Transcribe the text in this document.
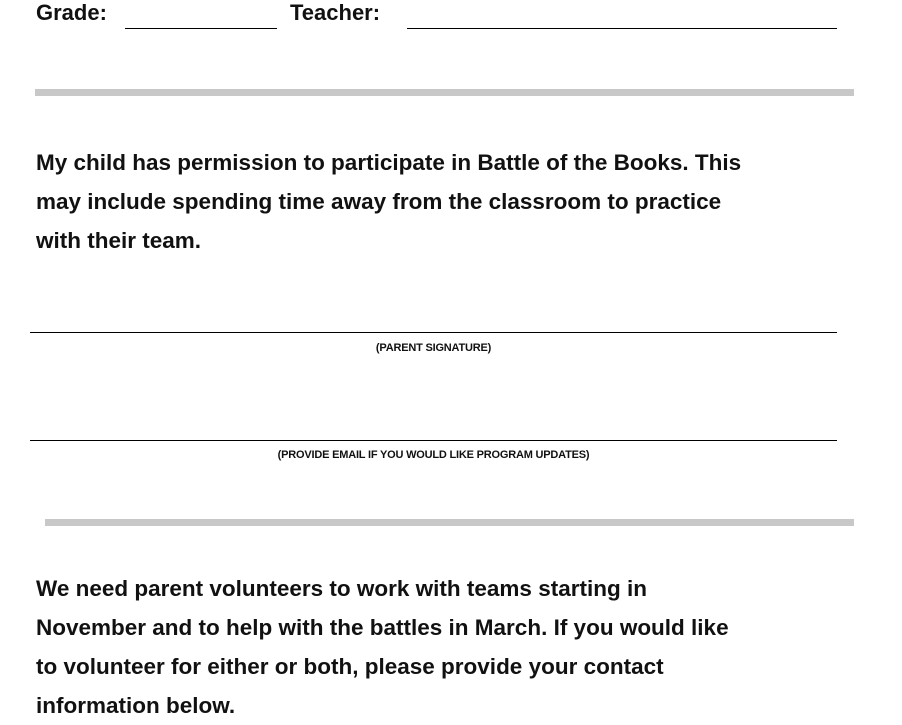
Grade:	Teacher:
My child has permission to participate in Battle of the Books. This
may include spending time away from the classroom to practice
with their team.
(PARENT SIGNATURE)
(PROVIDE EMAIL IF YOU WOULD LIKE PROGRAM UPDATES)
We need parent volunteers to work with teams starting in
November and to help with the battles in March. If you would like
to volunteer for either or both, please provide your contact
information below.
